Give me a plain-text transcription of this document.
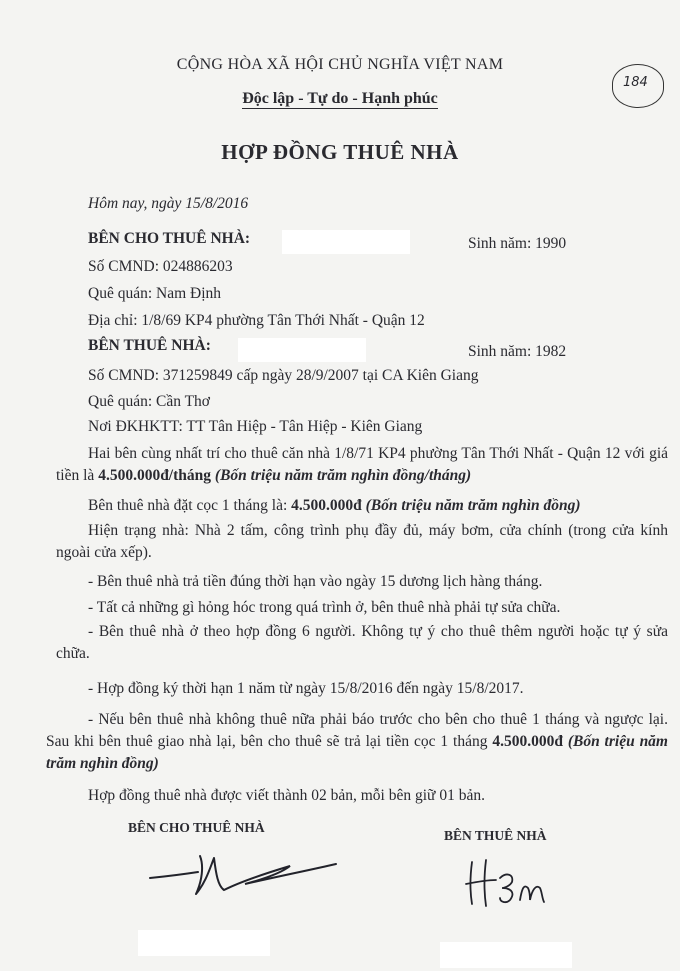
CỘNG HÒA XÃ HỘI CHỦ NGHĨA VIỆT NAM
Độc lập - Tự do - Hạnh phúc
184
HỢP ĐỒNG THUÊ NHÀ
Hôm nay, ngày 15/8/2016
BÊN CHO THUÊ NHÀ:	Sinh năm: 1990
Số CMND: 024886203
Quê quán: Nam Định
Địa chỉ: 1/8/69 KP4 phường Tân Thới Nhất - Quận 12
BÊN THUÊ NHÀ:	Sinh năm: 1982
Số CMND: 371259849 cấp ngày 28/9/2007 tại CA Kiên Giang
Quê quán: Cần Thơ
Nơi ĐKHKTT: TT Tân Hiệp - Tân Hiệp - Kiên Giang
Hai bên cùng nhất trí cho thuê căn nhà 1/8/71 KP4 phường Tân Thới Nhất - Quận 12 với giá tiền là 4.500.000đ/tháng (Bốn triệu năm trăm nghìn đồng/tháng)
Bên thuê nhà đặt cọc 1 tháng là: 4.500.000đ (Bốn triệu năm trăm nghìn đồng)
Hiện trạng nhà: Nhà 2 tấm, công trình phụ đầy đủ, máy bơm, cửa chính (trong cửa kính ngoài cửa xếp).
- Bên thuê nhà trả tiền đúng thời hạn vào ngày 15 dương lịch hàng tháng.
- Tất cả những gì hỏng hóc trong quá trình ở, bên thuê nhà phải tự sửa chữa.
- Bên thuê nhà ở theo hợp đồng 6 người. Không tự ý cho thuê thêm người hoặc tự ý sửa chữa.
- Hợp đồng ký thời hạn 1 năm từ ngày 15/8/2016 đến ngày 15/8/2017.
- Nếu bên thuê nhà không thuê nữa phải báo trước cho bên cho thuê 1 tháng và ngược lại. Sau khi bên thuê giao nhà lại, bên cho thuê sẽ trả lại tiền cọc 1 tháng 4.500.000đ (Bốn triệu năm trăm nghìn đồng)
Hợp đồng thuê nhà được viết thành 02 bản, mỗi bên giữ 01 bản.
BÊN CHO THUÊ NHÀ
BÊN THUÊ NHÀ
